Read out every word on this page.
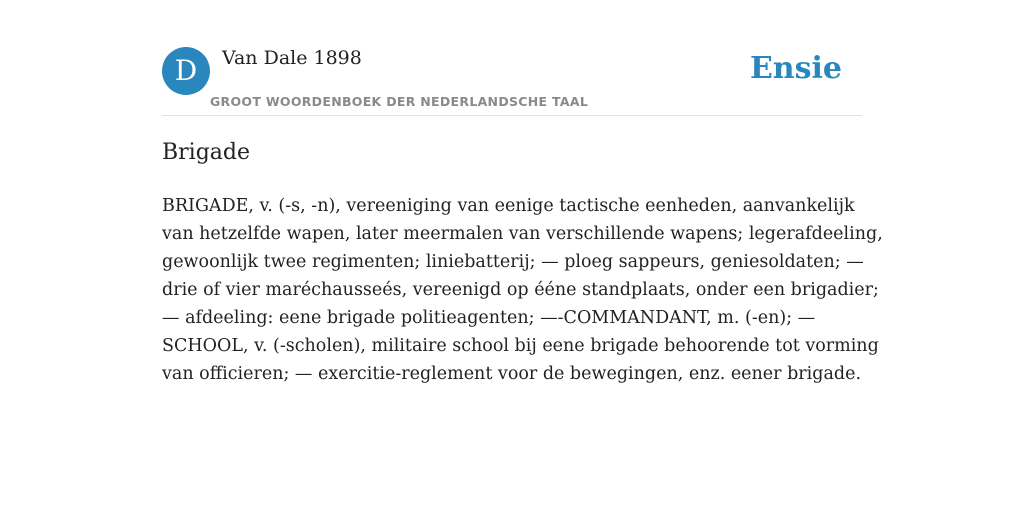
D	Van Dale 1898
GROOT WOORDENBOEK DER NEDERLANDSCHE TAAL
Ensie
Brigade

BRIGADE, v. (-s, -n), vereeniging van eenige tactische eenheden, aanvankelijk
van hetzelfde wapen, later meermalen van verschillende wapens; legerafdeeling,
gewoonlijk twee regimenten; liniebatterij; — ploeg sappeurs, geniesoldaten; —
drie of vier maréchausseés, vereenigd op ééne standplaats, onder een brigadier;
— afdeeling: eene brigade politieagenten; —-COMMANDANT, m. (-en); —
SCHOOL, v. (-scholen), militaire school bij eene brigade behoorende tot vorming
van officieren; — exercitie-reglement voor de bewegingen, enz. eener brigade.
